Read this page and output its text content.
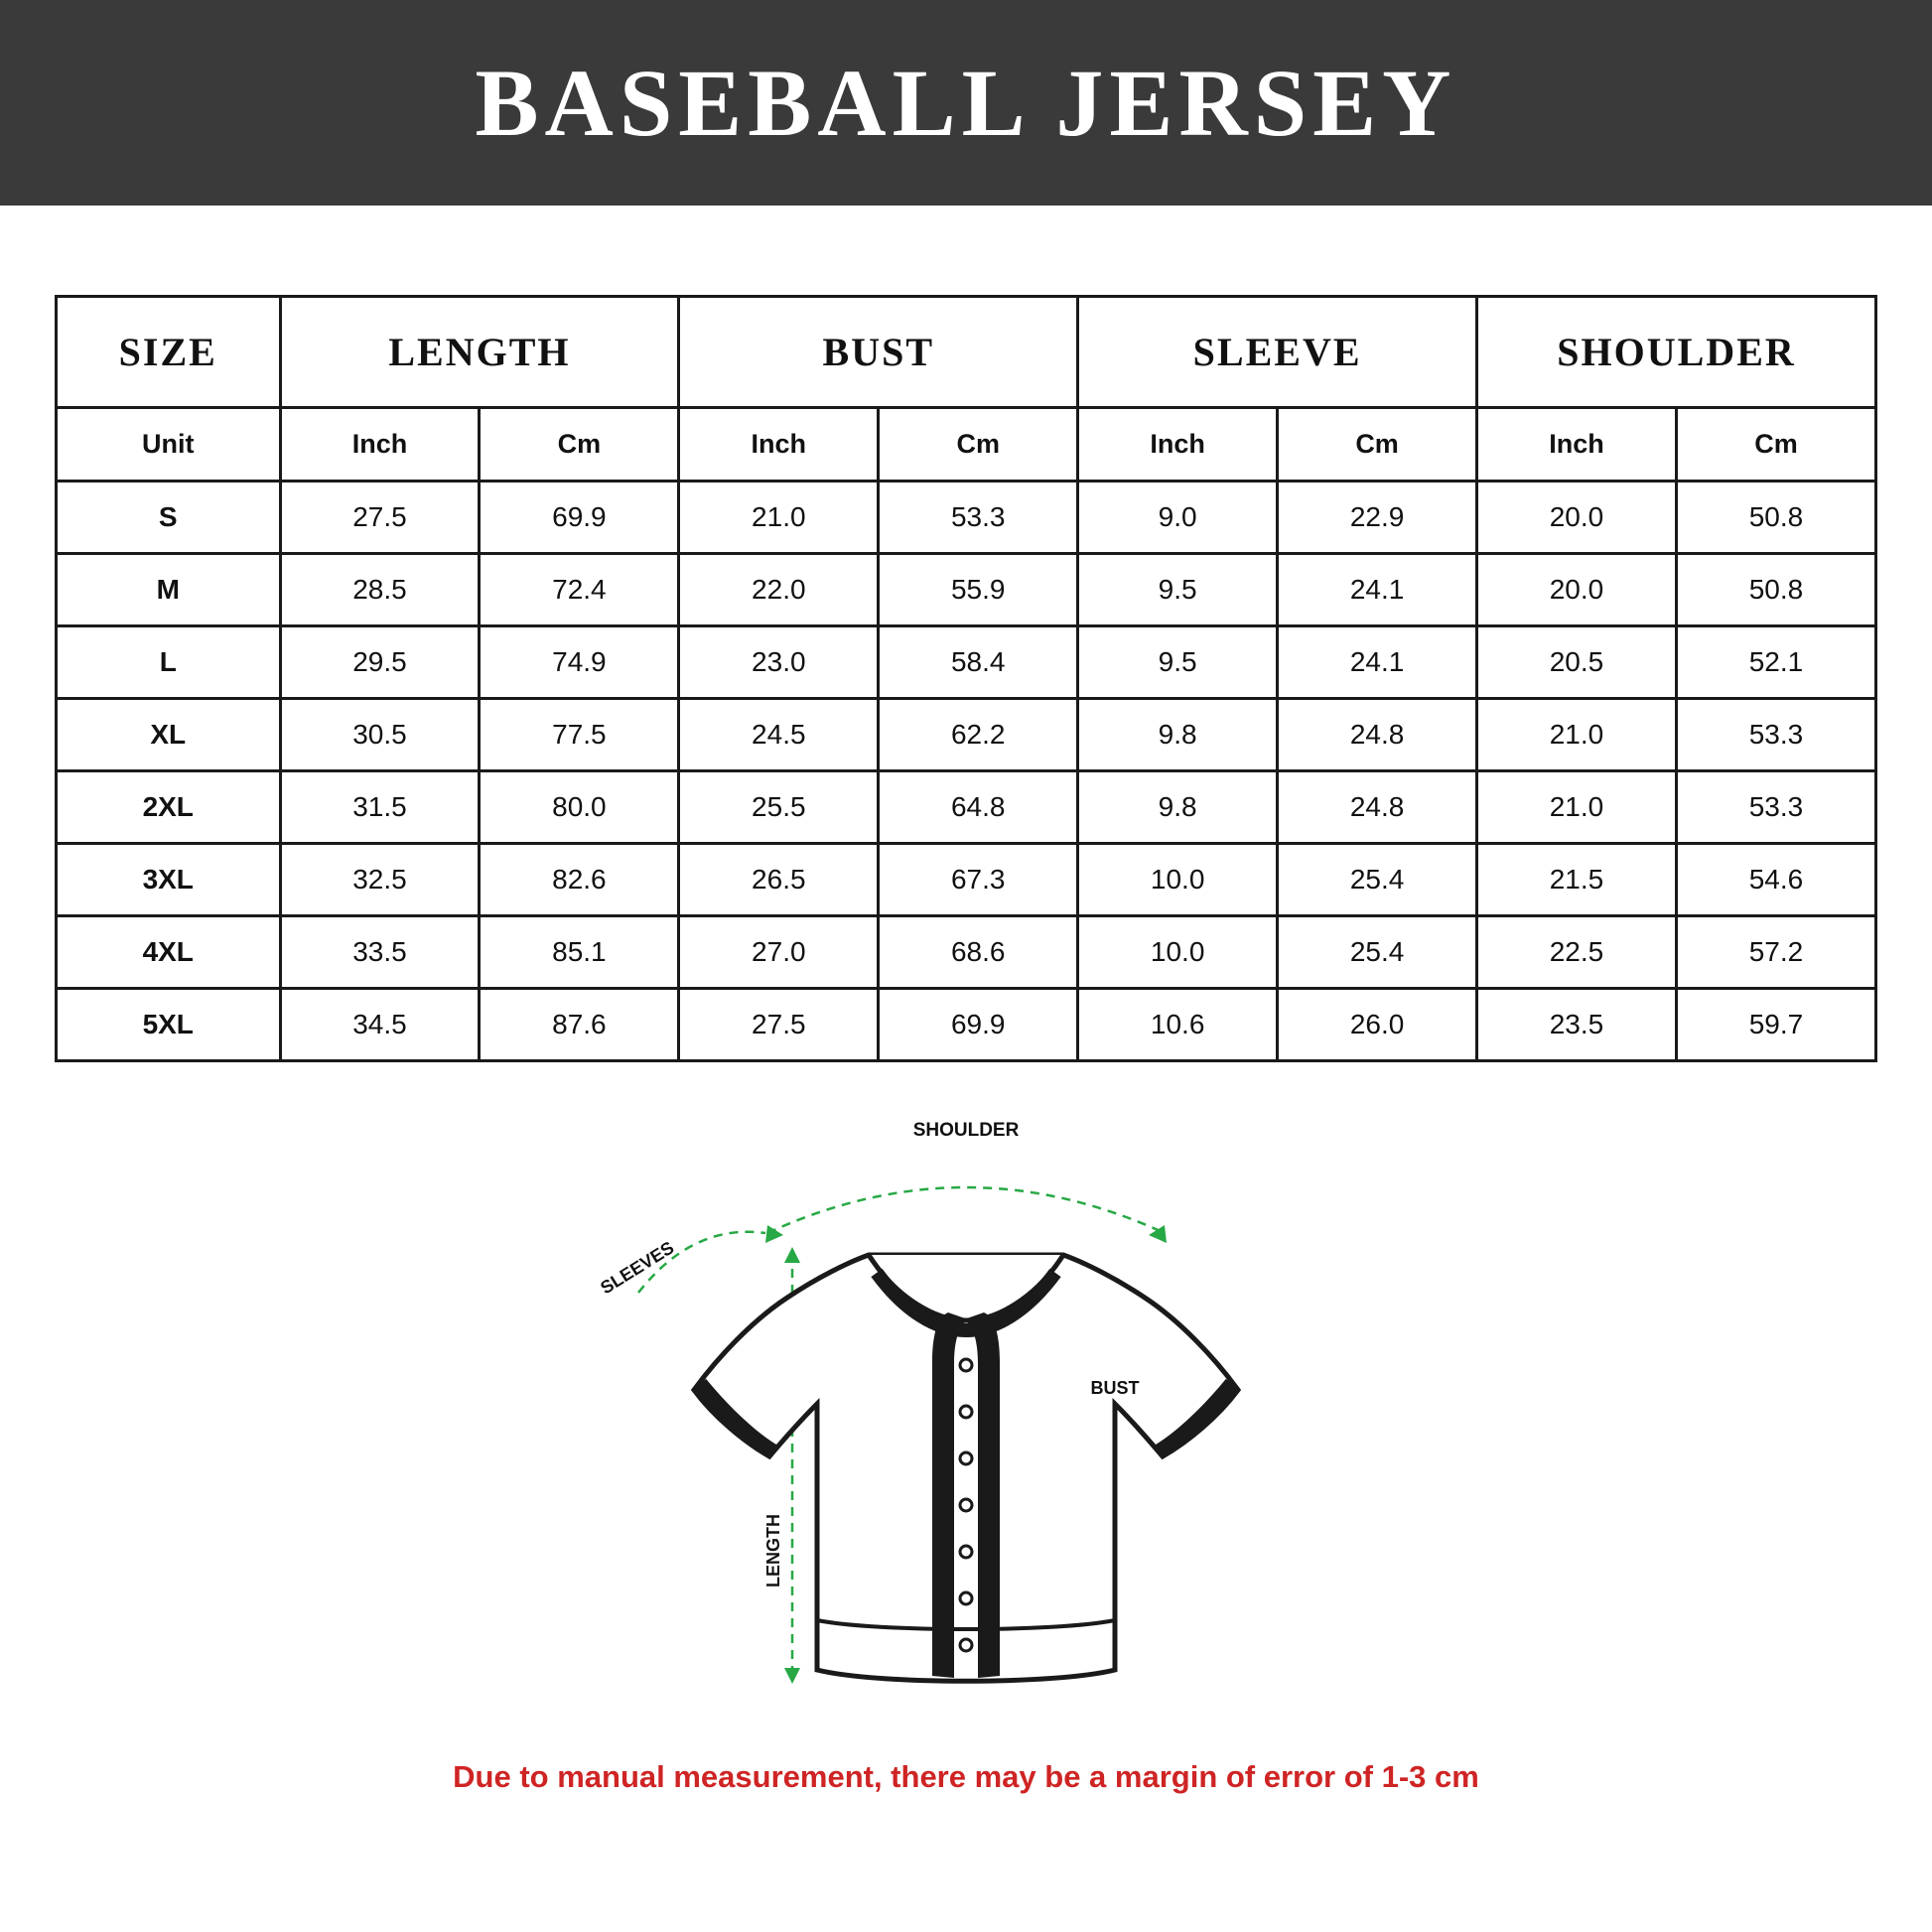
BASEBALL JERSEY
SIZE	LENGTH		BUST		SLEEVE		SHOULDER	
Unit	Inch	Cm	Inch	Cm	Inch	Cm	Inch	Cm
S	27.5	69.9	21.0	53.3	9.0	22.9	20.0	50.8
M	28.5	72.4	22.0	55.9	9.5	24.1	20.0	50.8
L	29.5	74.9	23.0	58.4	9.5	24.1	20.5	52.1
XL	30.5	77.5	24.5	62.2	9.8	24.8	21.0	53.3
2XL	31.5	80.0	25.5	64.8	9.8	24.8	21.0	53.3
3XL	32.5	82.6	26.5	67.3	10.0	25.4	21.5	54.6
4XL	33.5	85.1	27.0	68.6	10.0	25.4	22.5	57.2
5XL	34.5	87.6	27.5	69.9	10.6	26.0	23.5	59.7
SHOULDER
SLEEVES
BUST
LENGTH
Due to manual measurement, there may be a margin of error of 1-3 cm
